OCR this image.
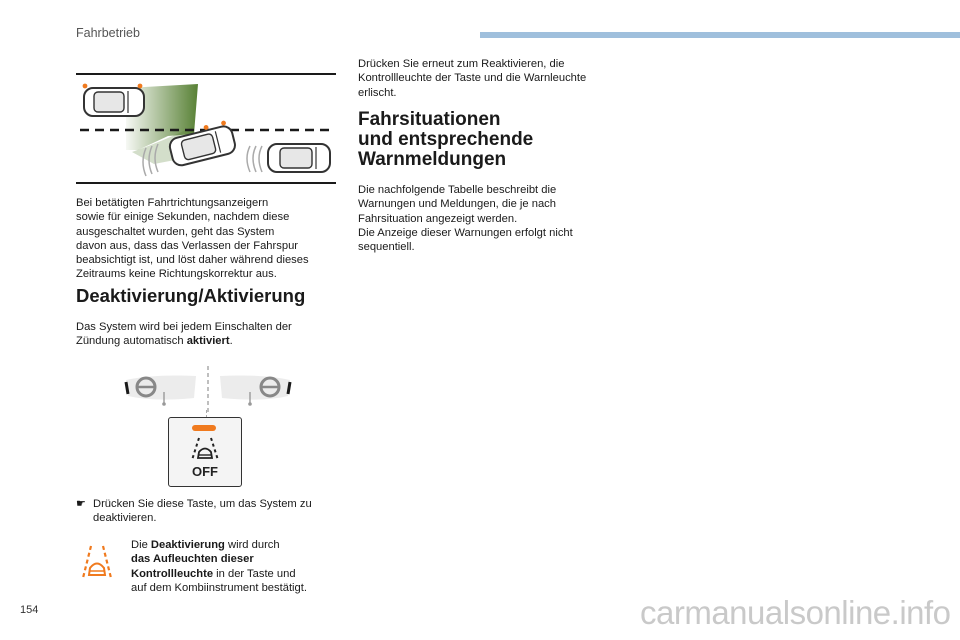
Fahrbetrieb

Bei betätigten Fahrtrichtungsanzeigern
sowie für einige Sekunden, nachdem diese
ausgeschaltet wurden, geht das System
davon aus, dass das Verlassen der Fahrspur
beabsichtigt ist, und löst daher während dieses
Zeitraums keine Richtungskorrektur aus.

Deaktivierung/Aktivierung

Das System wird bei jedem Einschalten der
Zündung automatisch aktiviert.

OFF
☛ Drücken Sie diese Taste, um das System zu
deaktivieren.

Die Deaktivierung wird durch
das Aufleuchten dieser
Kontrollleuchte in der Taste und
auf dem Kombiinstrument bestätigt.

Drücken Sie erneut zum Reaktivieren, die
Kontrollleuchte der Taste und die Warnleuchte
erlischt.

Fahrsituationen
und entsprechende
Warnmeldungen

Die nachfolgende Tabelle beschreibt die
Warnungen und Meldungen, die je nach
Fahrsituation angezeigt werden.
Die Anzeige dieser Warnungen erfolgt nicht
sequentiell.

154	carmanualsonline.info
